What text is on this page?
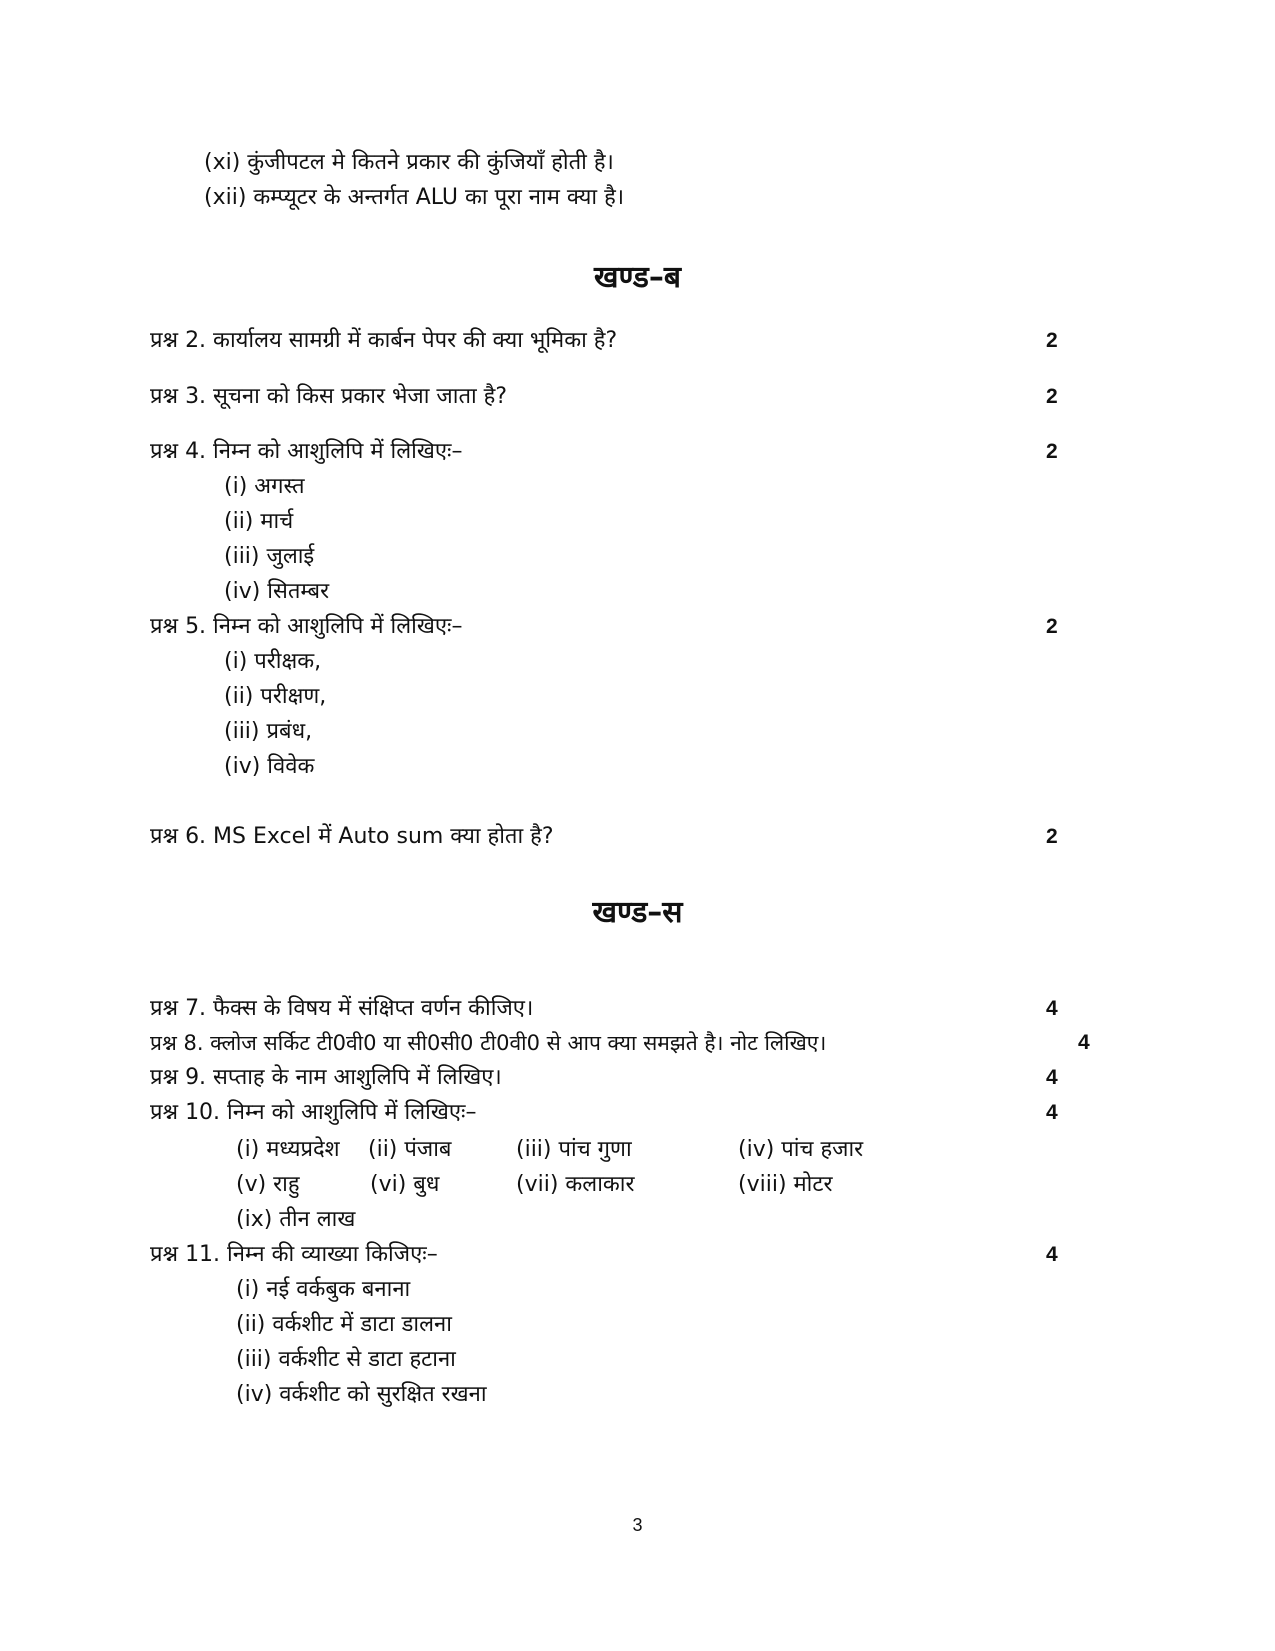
(xi) कुंजीपटल मे कितने प्रकार की कुंजियाँ होती है।
(xii) कम्प्यूटर के अन्तर्गत ALU का पूरा नाम क्या है।
खण्ड–ब
प्रश्न 2. कार्यालय सामग्री में कार्बन पेपर की क्या भूमिका है?	2
प्रश्न 3. सूचना को किस प्रकार भेजा जाता है?	2
प्रश्न 4. निम्न को आशुलिपि में लिखिएः–	2
(i) अगस्त
(ii) मार्च
(iii) जुलाई
(iv) सितम्बर
प्रश्न 5. निम्न को आशुलिपि में लिखिएः–	2
(i) परीक्षक,
(ii) परीक्षण,
(iii) प्रबंध,
(iv) विवेक
प्रश्न 6. MS Excel में Auto sum क्या होता है?	2
खण्ड–स
प्रश्न 7. फैक्स के विषय में संक्षिप्त वर्णन कीजिए।	4
प्रश्न 8. क्लोज सर्किट टी0वी0 या सी0सी0 टी0वी0 से आप क्या समझते है। नोट लिखिए।	4
प्रश्न 9. सप्ताह के नाम आशुलिपि में लिखिए।	4
प्रश्न 10. निम्न को आशुलिपि में लिखिएः–	4
(i) मध्यप्रदेश (ii) पंजाब	(iii) पांच गुणा	(iv) पांच हजार
(v) राहु	(vi) बुध	(vii) कलाकार	(viii) मोटर
(ix) तीन लाख
प्रश्न 11. निम्न की व्याख्या किजिएः–	4
(i) नई वर्कबुक बनाना
(ii) वर्कशीट में डाटा डालना
(iii) वर्कशीट से डाटा हटाना
(iv) वर्कशीट को सुरक्षित रखना
3
